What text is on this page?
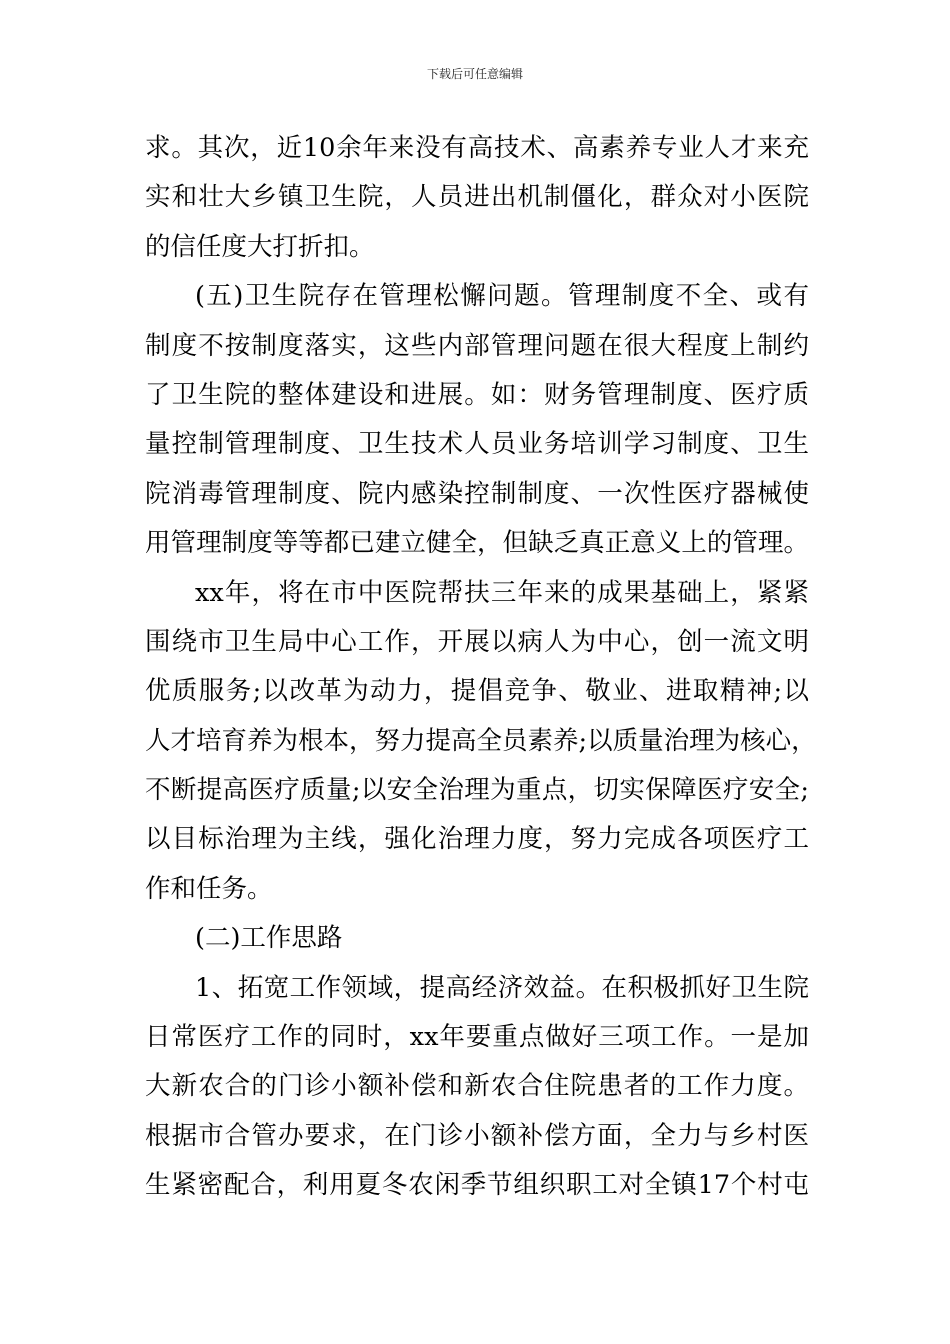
下载后可任意编辑
求。其次，近10余年来没有高技术、高素养专业人才来充
实和壮大乡镇卫生院，人员进出机制僵化，群众对小医院
的信任度大打折扣。
(五)卫生院存在管理松懈问题。管理制度不全、或有
制度不按制度落实，这些内部管理问题在很大程度上制约
了卫生院的整体建设和进展。如：财务管理制度、医疗质
量控制管理制度、卫生技术人员业务培训学习制度、卫生
院消毒管理制度、院内感染控制制度、一次性医疗器械使
用管理制度等等都已建立健全，但缺乏真正意义上的管理。
xx年，将在市中医院帮扶三年来的成果基础上，紧紧
围绕市卫生局中心工作，开展以病人为中心，创一流文明
优质服务;以改革为动力，提倡竞争、敬业、进取精神;以
人才培育养为根本，努力提高全员素养;以质量治理为核心，
不断提高医疗质量;以安全治理为重点，切实保障医疗安全;
以目标治理为主线，强化治理力度，努力完成各项医疗工
作和任务。
(二)工作思路
1、拓宽工作领域，提高经济效益。在积极抓好卫生院
日常医疗工作的同时，xx年要重点做好三项工作。一是加
大新农合的门诊小额补偿和新农合住院患者的工作力度。
根据市合管办要求，在门诊小额补偿方面，全力与乡村医
生紧密配合，利用夏冬农闲季节组织职工对全镇17个村屯
